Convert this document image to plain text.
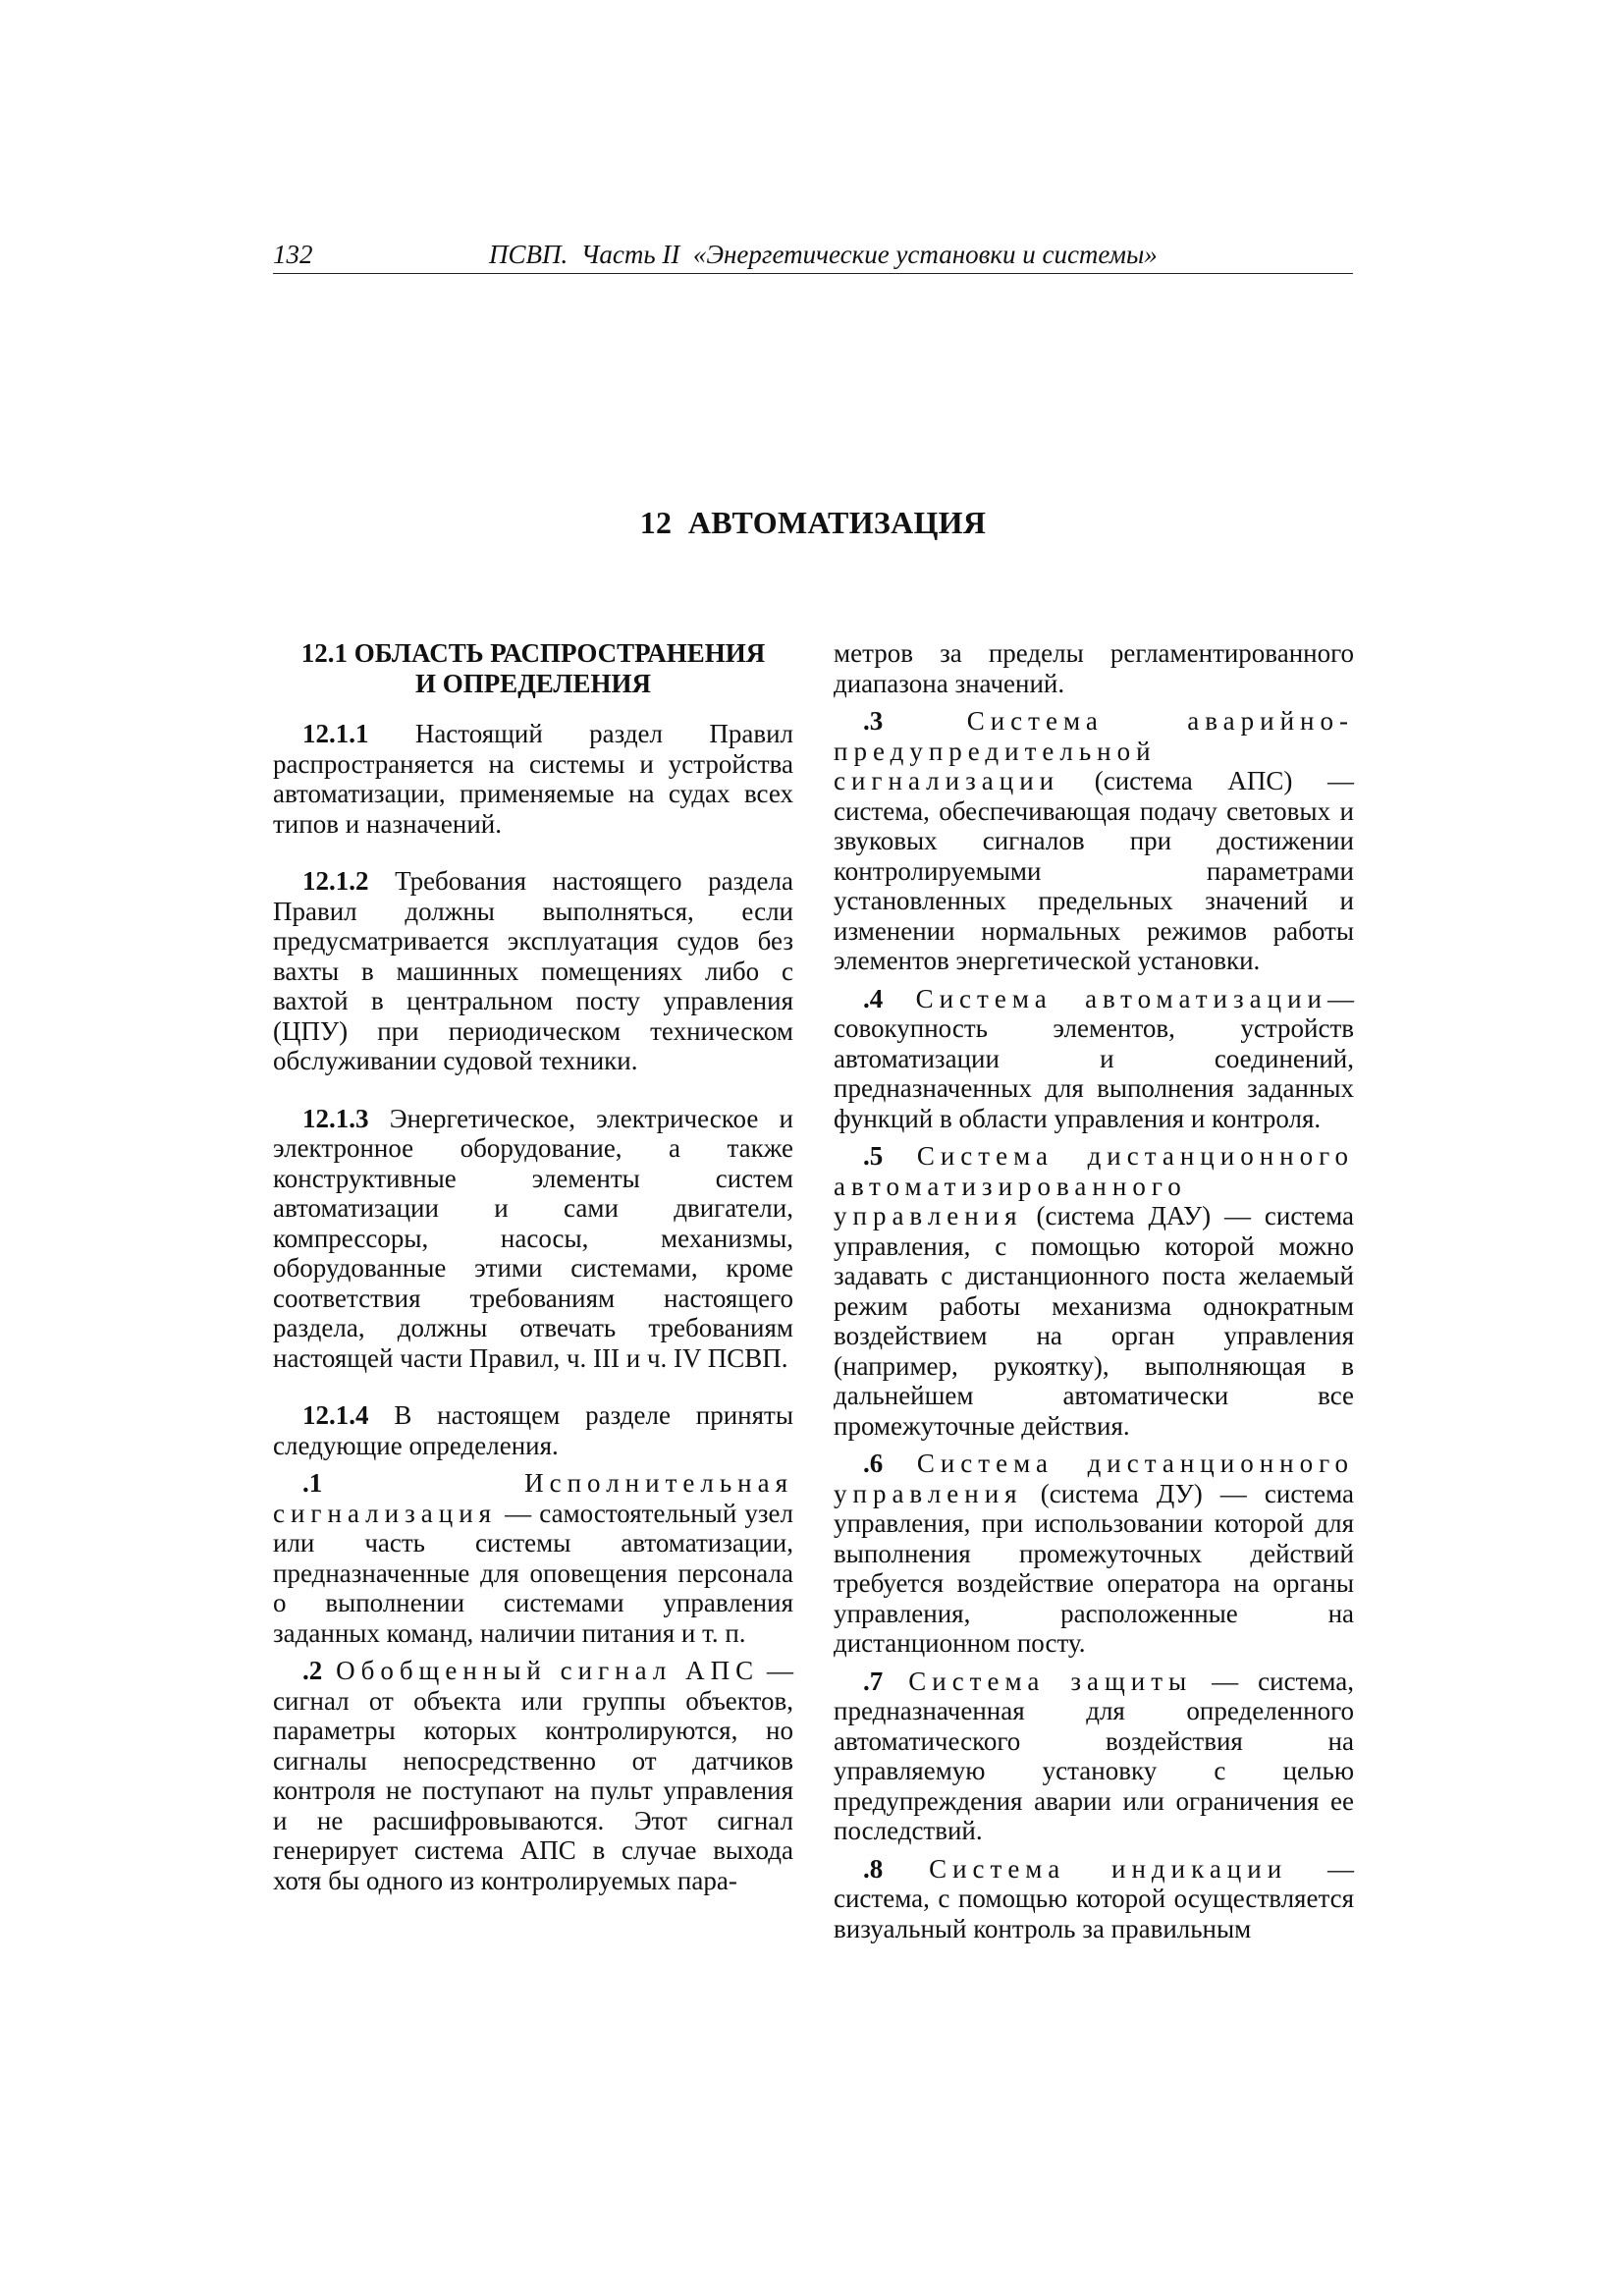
132	ПСВП.  Часть II  «Энергетические установки и системы»
12  АВТОМАТИЗАЦИЯ
12.1 ОБЛАСТЬ РАСПРОСТРАНЕНИЯ
И ОПРЕДЕЛЕНИЯ

12.1.1 Настоящий раздел Правил распространяется на системы и устройства автоматизации, применяемые на судах всех типов и назначений.

12.1.2 Требования настоящего раздела Правил должны выполняться, если предусматривается эксплуатация судов без вахты в машинных помещениях либо с вахтой в центральном посту управления (ЦПУ) при периодическом техническом обслуживании судовой техники.

12.1.3 Энергетическое, электрическое и электронное оборудование, а также конструктивные элементы систем автоматизации и сами двигатели, компрессоры, насосы, механизмы, оборудованные этими системами, кроме соответствия требованиям настоящего раздела, должны отвечать требованиям настоящей части Правил, ч. III и ч. IV ПСВП.

12.1.4 В настоящем разделе приняты следующие определения.

.1 Исполнительная сигнализация — самостоятельный узел или часть системы автоматизации, предназначенные для оповещения персонала о выполнении системами управления заданных команд, наличии питания и т. п.

.2 Обобщенный сигнал АПС — сигнал от объекта или группы объектов, параметры которых контролируются, но сигналы непосредственно от датчиков контроля не поступают на пульт управления и не расшифровываются. Этот сигнал генерирует система АПС в случае выхода хотя бы одного из контролируемых пара-

метров за пределы регламентированного диапазона значений.

.3 Система аварийно-предупредительной сигнализации (система АПС) — система, обеспечивающая подачу световых и звуковых сигналов при достижении контролируемыми параметрами установленных предельных значений и изменении нормальных режимов работы элементов энергетической установки.

.4 Система автоматизации— совокупность элементов, устройств автоматизации и соединений, предназначенных для выполнения заданных функций в области управления и контроля.

.5 Система дистанционного автоматизированного управления (система ДАУ) — система управления, с помощью которой можно задавать с дистанционного поста желаемый режим работы механизма однократным воздействием на орган управления (например, рукоятку), выполняющая в дальнейшем автоматически все промежуточные действия.

.6 Система дистанционного управления (система ДУ) — система управления, при использовании которой для выполнения промежуточных действий требуется воздействие оператора на органы управления, расположенные на дистанционном посту.

.7 Система защиты — система, предназначенная для определенного автоматического воздействия на управляемую установку с целью предупреждения аварии или ограничения ее последствий.

.8 Система индикации — система, с помощью которой осуществляется визуальный контроль за правильным
